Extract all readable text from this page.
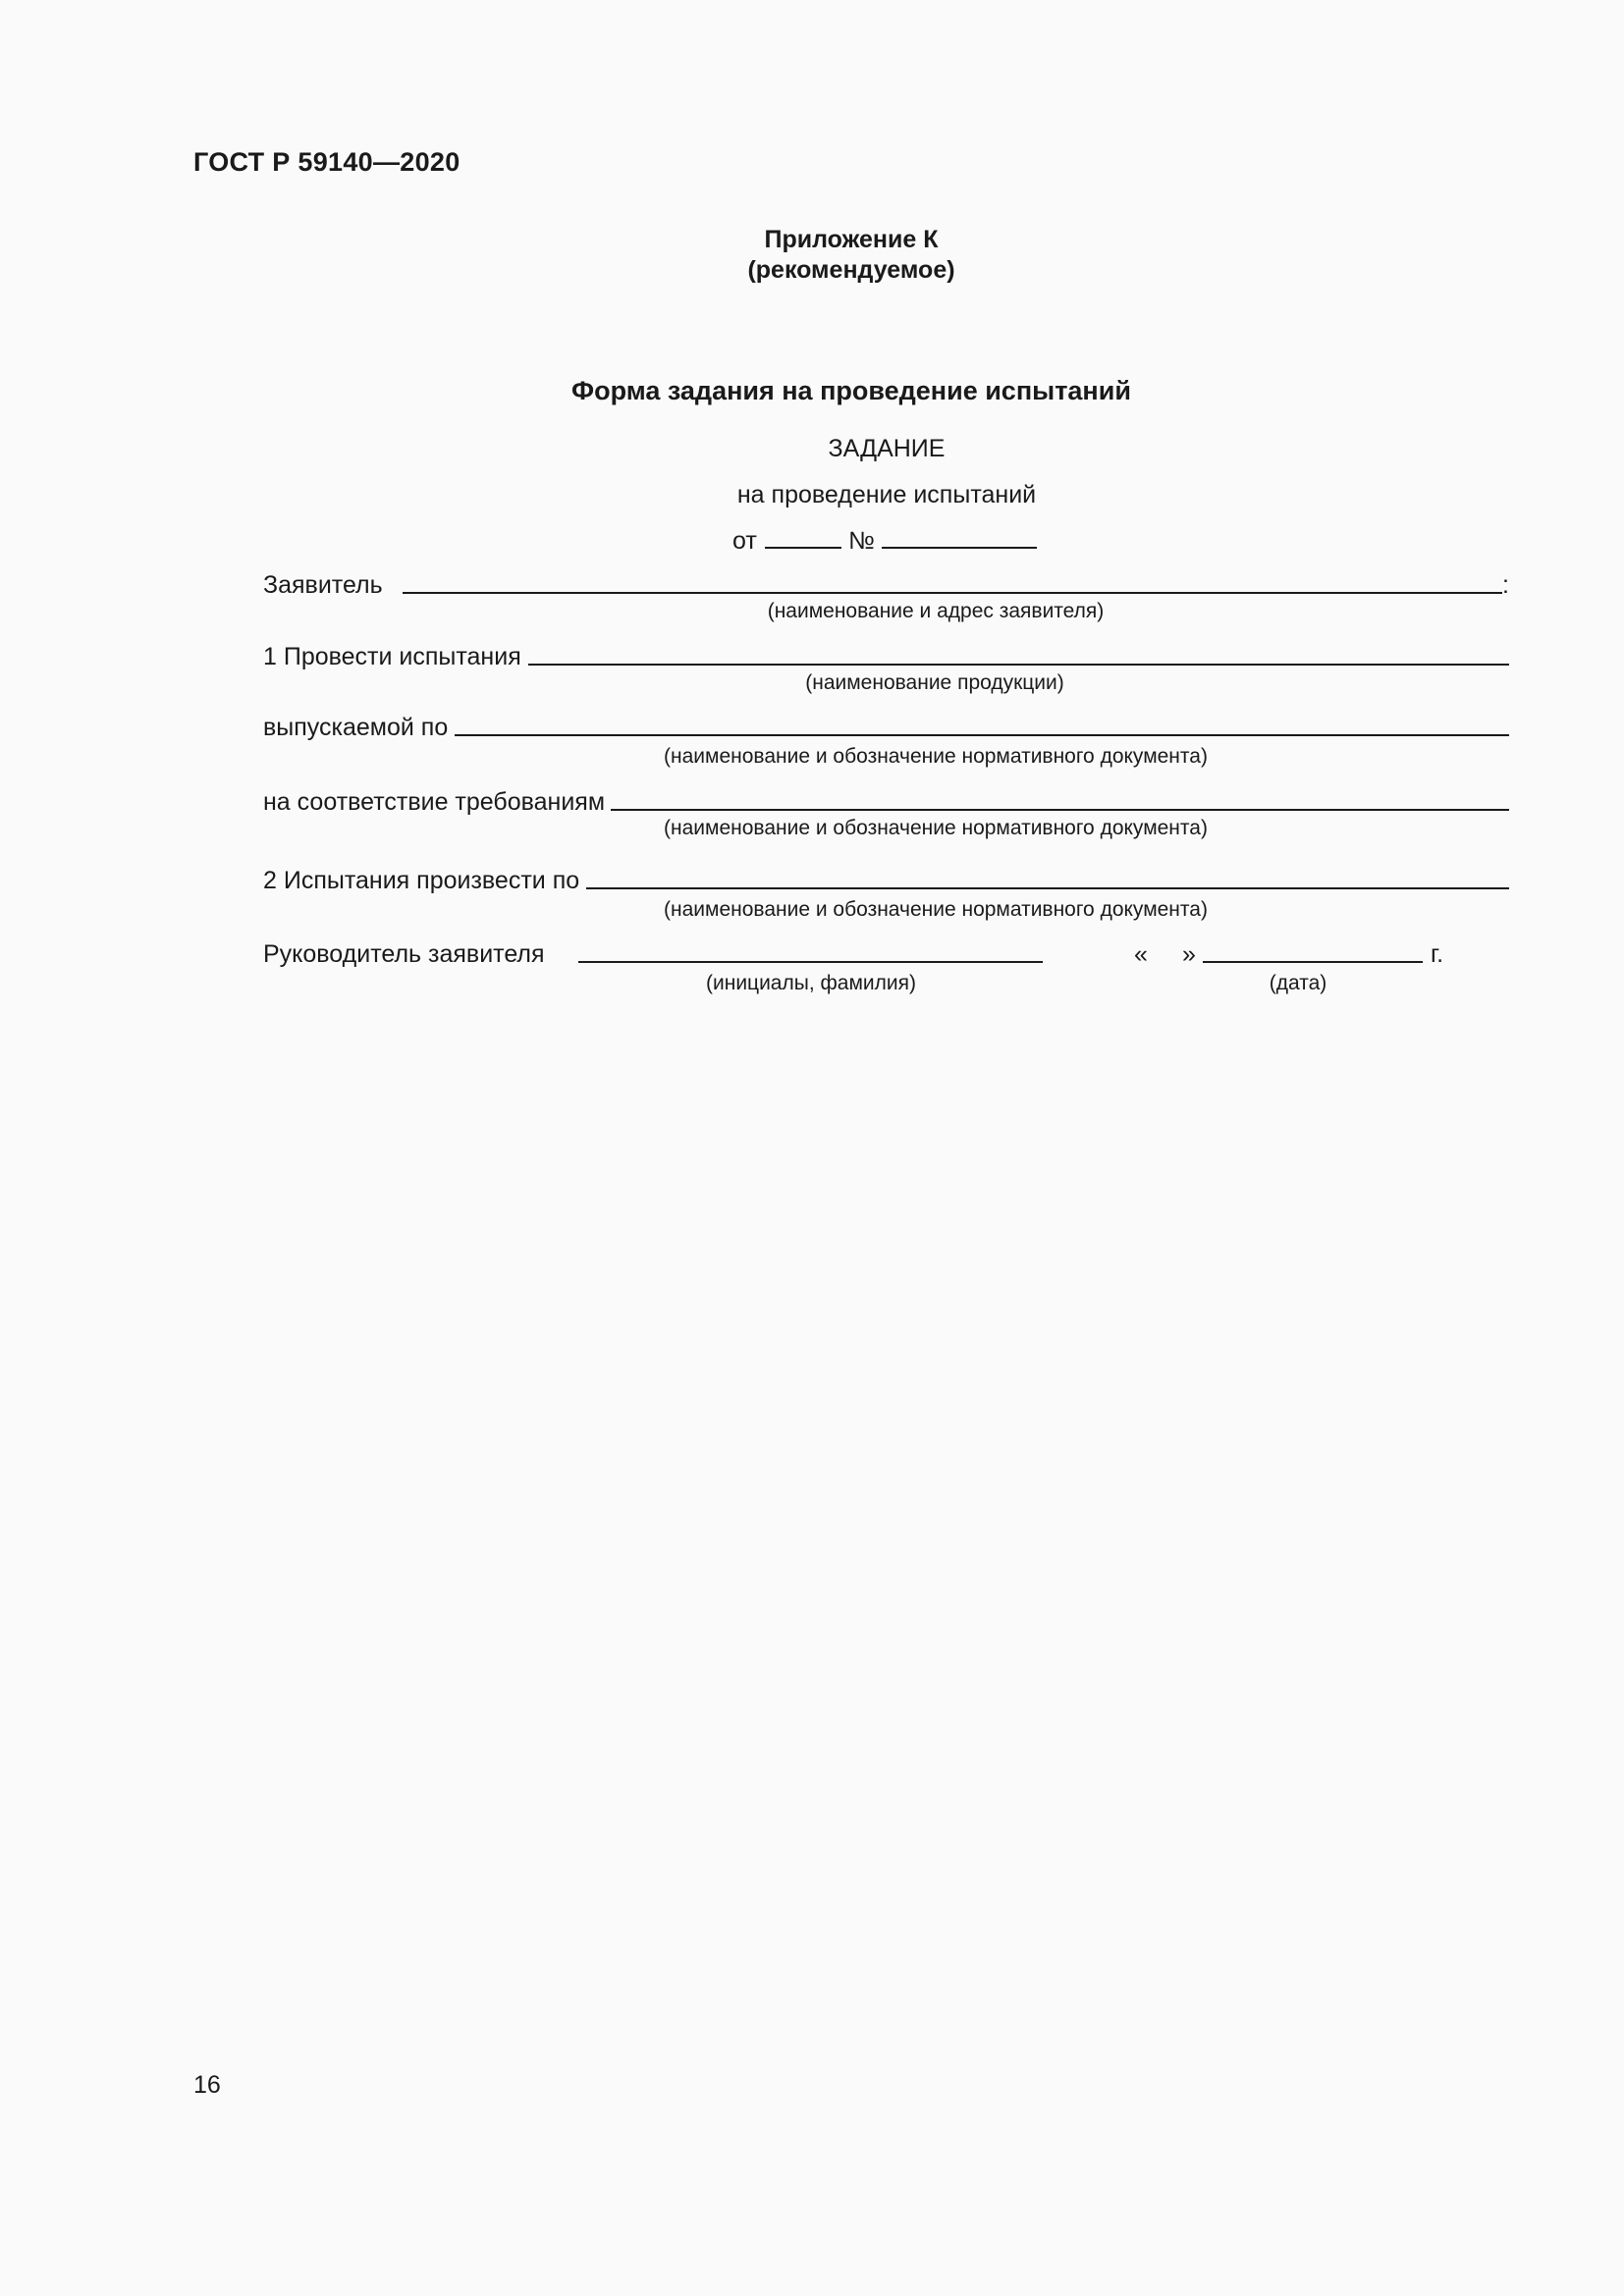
ГОСТ Р 59140—2020
Приложение К
(рекомендуемое)
Форма задания на проведение испытаний
ЗАДАНИЕ
на проведение испытаний
от	№
Заявитель	:
(наименование и адрес заявителя)
1 Провести испытания
(наименование продукции)
выпускаемой по
(наименование и обозначение нормативного документа)
на соответствие требованиям
(наименование и обозначение нормативного документа)
2 Испытания произвести по
(наименование и обозначение нормативного документа)
Руководитель заявителя
(инициалы, фамилия)
« »	г.
(дата)
16
